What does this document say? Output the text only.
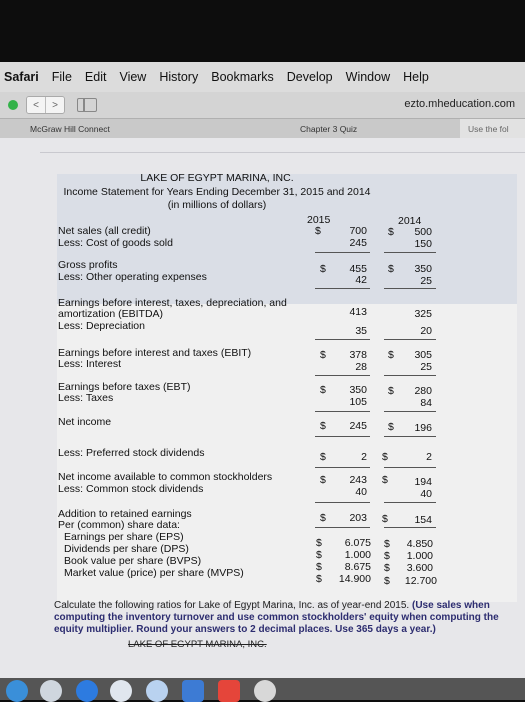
Safari File Edit View History Bookmarks Develop Window Help
<	>	ezto.mheducation.com
McGraw Hill Connect	Chapter 3 Quiz	Use the fol
LAKE OF EGYPT MARINA, INC.
Income Statement for Years Ending December 31, 2015 and 2014
(in millions of dollars)
2015	2014
Net sales (all credit)	$	700 $	500
Less: Cost of goods sold	245	150
Gross profits	$	455 $	350
Less: Other operating expenses	42	25
Earnings before interest, taxes, depreciation, and
amortization (EBITDA)	413	325
Less: Depreciation	35	20
Earnings before interest and taxes (EBIT)	$	378 $	305
Less: Interest	28	25
Earnings before taxes (EBT)	$	350 $	280
Less: Taxes	105	84
Net income	$	245 $	196
Less: Preferred stock dividends	$	2 $	2
Net income available to common stockholders	$	243 $	194
Less: Common stock dividends	40	40
Addition to retained earnings	$	203 $	154
Per (common) share data:
Earnings per share (EPS)	$	6.075 $	4.850
Dividends per share (DPS)	$	1.000 $	1.000
Book value per share (BVPS)	$	8.675 $	3.600
Market value (price) per share (MVPS)	$	14.900 $	12.700
Calculate the following ratios for Lake of Egypt Marina, Inc. as of year-end 2015. (Use sales when computing the inventory turnover and use common stockholders' equity when computing the equity multiplier. Round your answers to 2 decimal places. Use 365 days a year.)
LAKE OF EGYPT MARINA, INC.
